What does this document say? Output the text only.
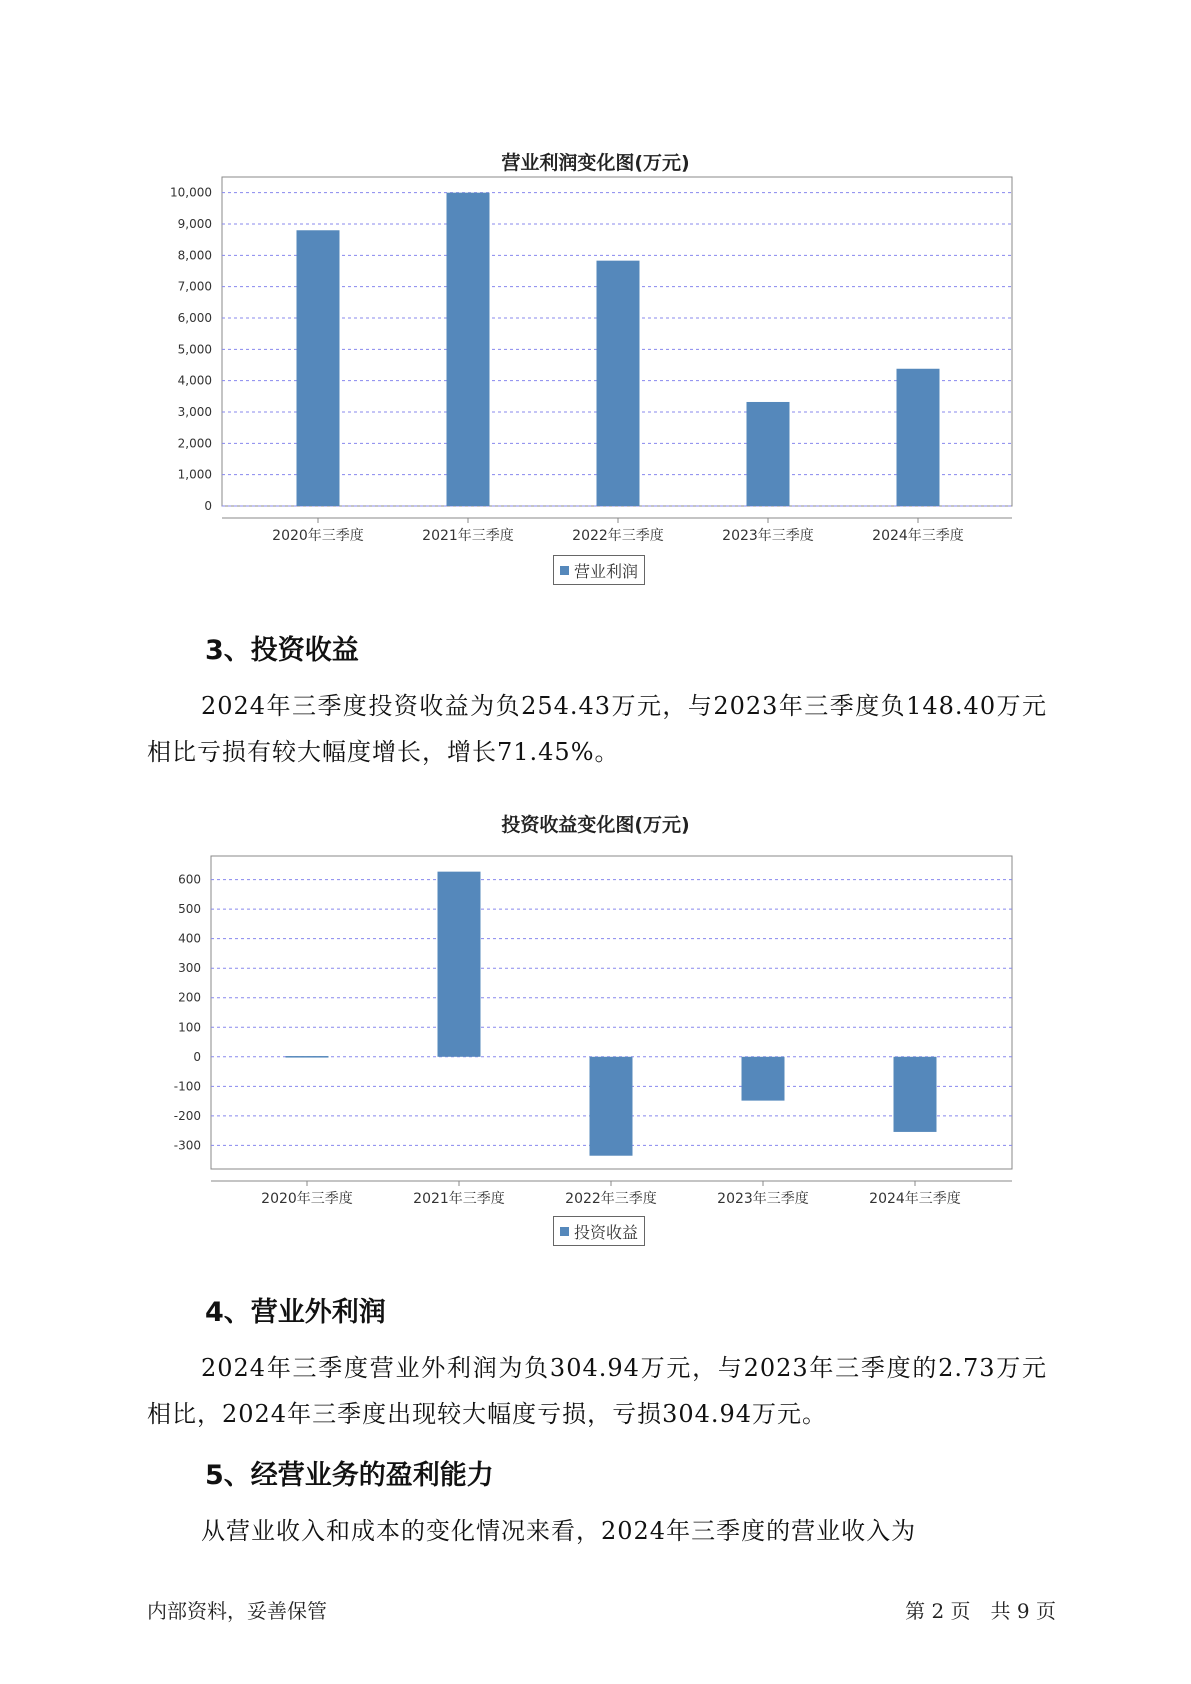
营业利润变化图(万元)
0
1,000
2,000
3,000
4,000
5,000
6,000
7,000
8,000
9,000
10,000
2020年三季度	2021年三季度	2022年三季度	2023年三季度	2024年三季度
营业利润
3、投资收益

2024年三季度投资收益为负254.43万元，与2023年三季度负148.40万元相比亏损有较大幅度增长，增长71.45%。

投资收益变化图(万元)
-300
-200
-100
0
100
200
300
400
500
600
2020年三季度	2021年三季度	2022年三季度	2023年三季度	2024年三季度
投资收益
4、营业外利润

2024年三季度营业外利润为负304.94万元，与2023年三季度的2.73万元相比，2024年三季度出现较大幅度亏损，亏损304.94万元。

5、经营业务的盈利能力

从营业收入和成本的变化情况来看，2024年三季度的营业收入为

内部资料，妥善保管	第 2 页　共 9 页
